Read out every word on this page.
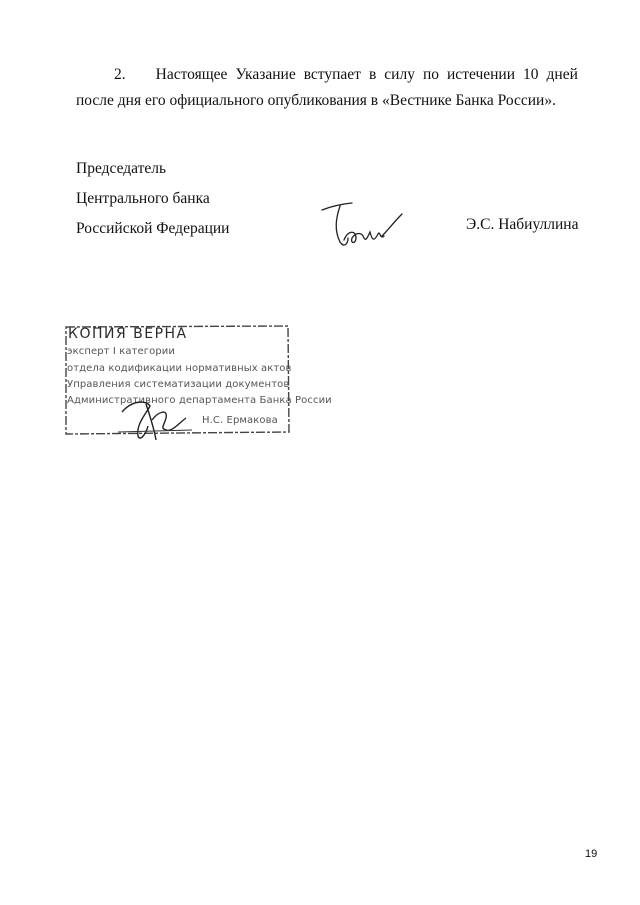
2. Настоящее Указание вступает в силу по истечении 10 дней
после дня его официального опубликования в «Вестнике Банка России».
Председатель
Центрального банка
Российской Федерации	Э.С. Набиуллина
КОПИЯ ВЕРНА
эксперт I категории
отдела кодификации нормативных актов
Управления систематизации документов
Административного департамента Банка России
Н.С. Ермакова
19
